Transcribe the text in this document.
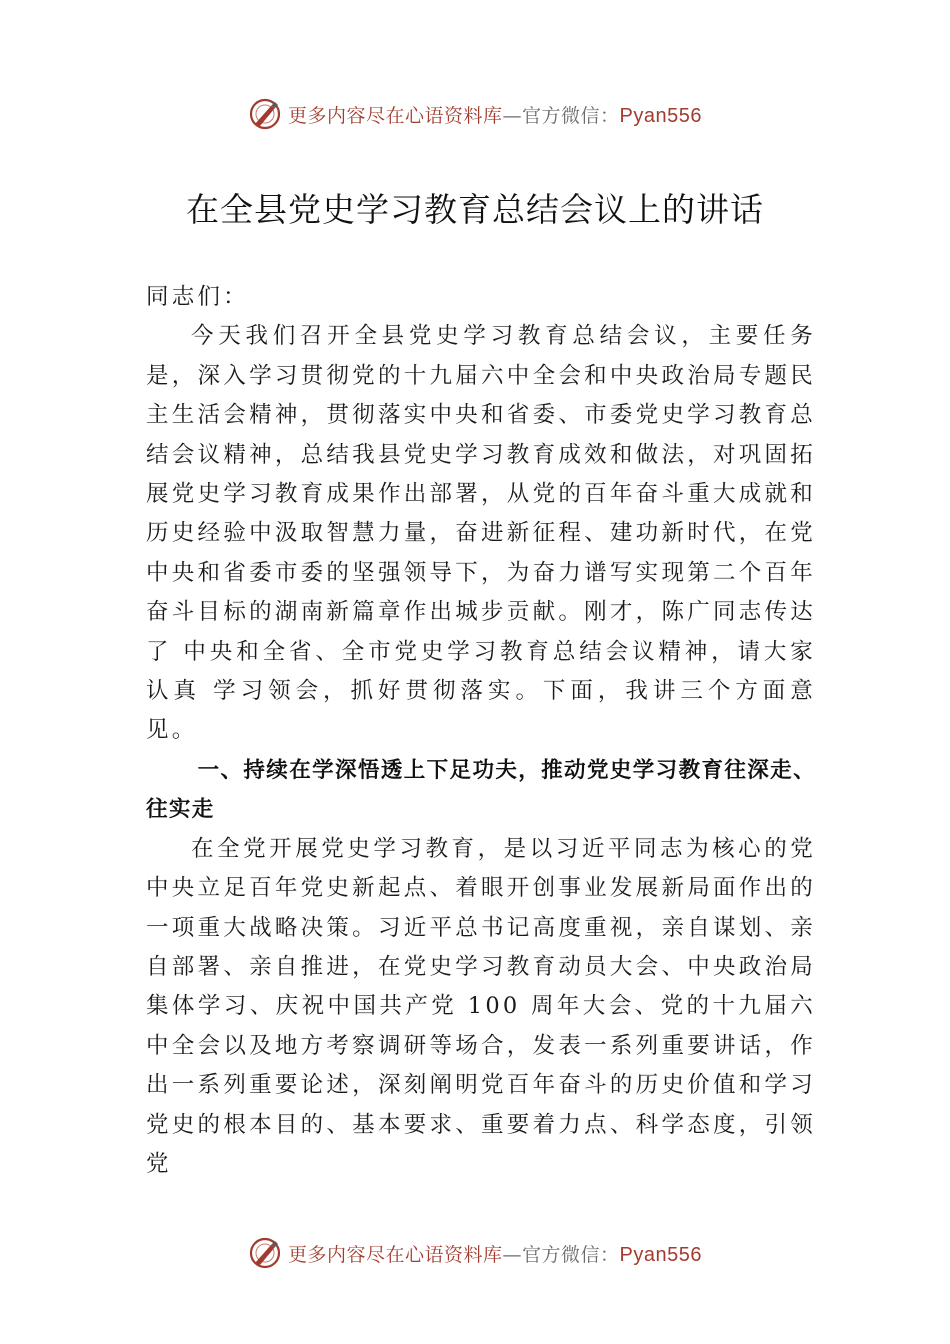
更多内容尽在心语资料库—官方微信：Pyan556
在全县党史学习教育总结会议上的讲话

同志们：

今天我们召开全县党史学习教育总结会议，主要任务是，深入学习贯彻党的十九届六中全会和中央政治局专题民主生活会精神，贯彻落实中央和省委、市委党史学习教育总结会议精神，总结我县党史学习教育成效和做法，对巩固拓展党史学习教育成果作出部署，从党的百年奋斗重大成就和历史经验中汲取智慧力量，奋进新征程、建功新时代，在党中央和省委市委的坚强领导下，为奋力谱写实现第二个百年奋斗目标的湖南新篇章作出城步贡献。刚才，陈广同志传达了 中央和全省、全市党史学习教育总结会议精神，请大家认真 学习领会，抓好贯彻落实。下面，我讲三个方面意见。

一、持续在学深悟透上下足功夫，推动党史学习教育往深走、往实走

在全党开展党史学习教育，是以习近平同志为核心的党中央立足百年党史新起点、着眼开创事业发展新局面作出的一项重大战略决策。习近平总书记高度重视，亲自谋划、亲自部署、亲自推进，在党史学习教育动员大会、中央政治局集体学习、庆祝中国共产党 100 周年大会、党的十九届六中全会以及地方考察调研等场合，发表一系列重要讲话，作出一系列重要论述，深刻阐明党百年奋斗的历史价值和学习党史的根本目的、基本要求、重要着力点、科学态度，引领党

更多内容尽在心语资料库—官方微信：Pyan556
